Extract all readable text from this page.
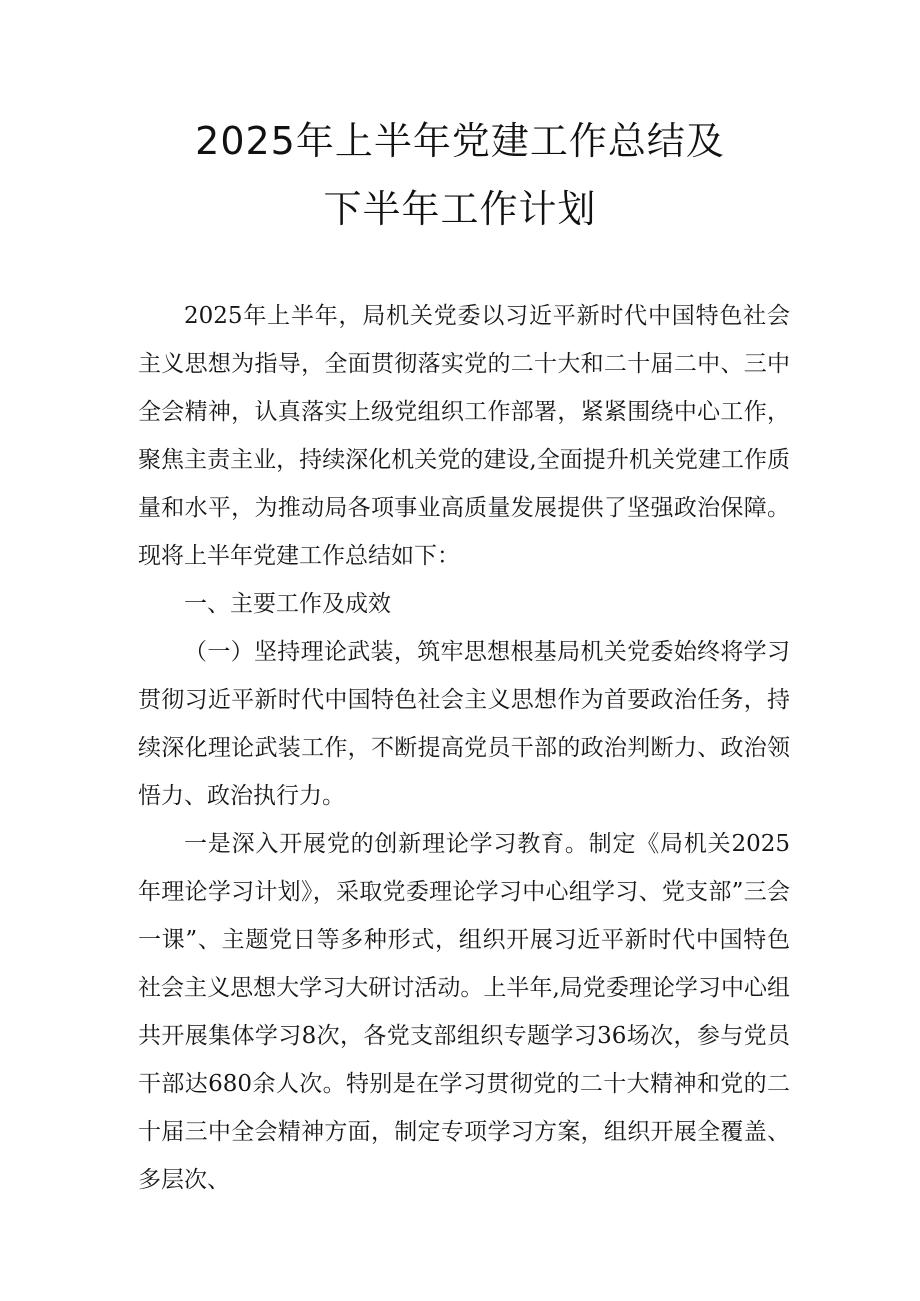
2025年上半年党建工作总结及
下半年工作计划

2025年上半年，局机关党委以习近平新时代中国特色社会主义思想为指导，全面贯彻落实党的二十大和二十届二中、三中全会精神，认真落实上级党组织工作部署，紧紧围绕中心工作，聚焦主责主业，持续深化机关党的建设,全面提升机关党建工作质量和水平，为推动局各项事业高质量发展提供了坚强政治保障。现将上半年党建工作总结如下：

一、主要工作及成效

（一）坚持理论武装，筑牢思想根基局机关党委始终将学习贯彻习近平新时代中国特色社会主义思想作为首要政治任务，持续深化理论武装工作，不断提高党员干部的政治判断力、政治领悟力、政治执行力。

一是深入开展党的创新理论学习教育。制定《局机关2025年理论学习计划》，采取党委理论学习中心组学习、党支部”三会一课”、主题党日等多种形式，组织开展习近平新时代中国特色社会主义思想大学习大研讨活动。上半年,局党委理论学习中心组共开展集体学习8次，各党支部组织专题学习36场次，参与党员干部达680余人次。特别是在学习贯彻党的二十大精神和党的二十届三中全会精神方面，制定专项学习方案，组织开展全覆盖、多层次、
